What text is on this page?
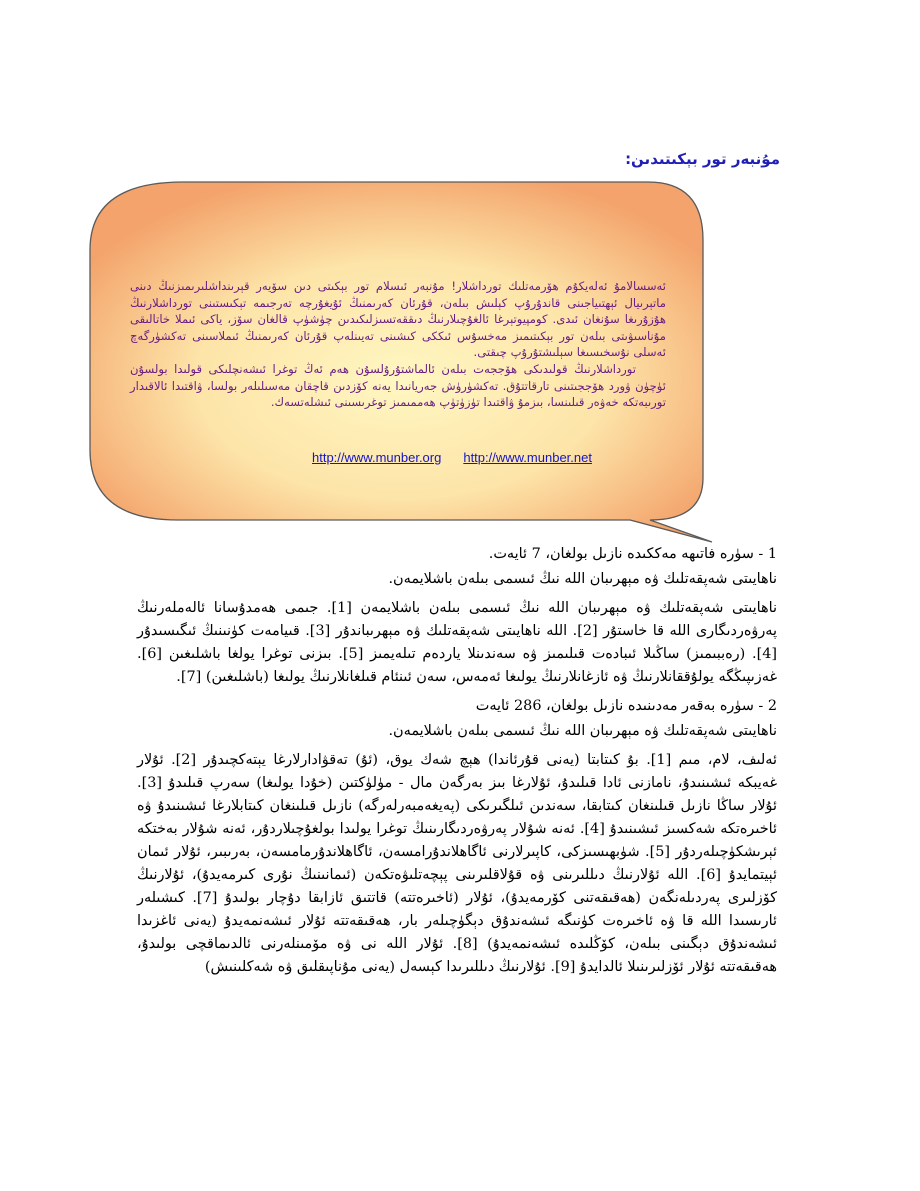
مۇنبەر تور بېكىتىدىن:

ئەسسالامۇ ئەلەيكۇم ھۆرمەتلىك تورداشلار! مۇنبەر ئىسلام تور بېكىتى دىن سۆيەر قېرىنداشلىرىمىزنىڭ دىنى ماتېرىيال ئېھتىياجىنى قاندۇرۇپ كېلىش بىلەن، قۇرئان كەرىمنىڭ ئۇيغۇرچە تەرجىمە تېكىستىنى تورداشلارنىڭ ھۇزۇرىغا سۇنغان ئىدى. كومپيوتېرغا ئالغۇچىلارنىڭ دىققەتسىزلىكىدىن چۈشۈپ قالغان سۆز، ياكى ئىملا خاتالىقى مۇناسىۋىتى بىلەن تور بېكىتىمىز مەخسۇس ئىككى كىشىنى تەيىنلەپ قۇرئان كەرىمنىڭ ئىملاسىنى تەكشۈرگەچ ئەسلى نۇسخىسىغا سېلىشتۇرۇپ چىقتى.

تورداشلارنىڭ قولىدىكى ھۆججەت بىلەن ئالماشتۇرۇلسۇن ھەم ئەڭ توغرا ئىشەنچلىكى قولىدا بولسۇن ئۈچۈن ۋورد ھۆججىتىنى تارقاتتۇق. تەكشۈرۈش جەريانىدا يەنە كۆزدىن قاچقان مەسىلىلەر بولسا، ۋاقتىدا ئالاقىدار تورىبەتكە خەۋەر قىلىنسا، بىزمۇ ۋاقتىدا تۈزۈتۈپ ھەممىمىز توغرىسىنى ئىشلەتسەك.

http://www.munber.org http://www.munber.net

1 - سۈرە فاتىھە مەككىدە نازىل بولغان، 7 ئايەت.

ناھايىتى شەپقەتلىك ۋە مېھرىبان اللە نىڭ ئىسمى بىلەن باشلايمەن.

ناھايىتى شەپقەتلىك ۋە مېھرىبان اللە نىڭ ئىسمى بىلەن باشلايمەن [1]. جىمى ھەمدۇسانا ئالەملەرنىڭ پەرۋەردىگارى اللە قا خاستۇر [2]. اللە ناھايىتى شەپقەتلىك ۋە مېھرىباندۇر [3]. قىيامەت كۈنىنىڭ ئىگىسىدۇر [4]. (رەببىمىز) ساڭىلا ئىبادەت قىلىمىز ۋە سەندىنلا ياردەم تىلەيمىز [5]. بىزنى توغرا يولغا باشلىغىن [6]. غەزىپىڭگە يولۇققانلارنىڭ ۋە ئازغانلارنىڭ يولىغا ئەمەس، سەن ئىنئام قىلغانلارنىڭ يولىغا (باشلىغىن) [7].

2 - سۈرە بەقەر مەدىنىدە نازىل بولغان، 286 ئايەت

ناھايىتى شەپقەتلىك ۋە مېھرىبان اللە نىڭ ئىسمى بىلەن باشلايمەن.

ئەلىف، لام، مىم [1]. بۇ كىتابتا (يەنى قۇرئاندا) ھېچ شەك يوق، (ئۇ) تەقۋادارلارغا يېتەكچىدۇر [2]. ئۇلار غەيبكە ئىشىنىدۇ، نامازنى ئادا قىلىدۇ، ئۇلارغا بىز بەرگەن مال - مۈلۈكتىن (خۇدا يولىغا) سەرپ قىلىدۇ [3]. ئۇلار ساڭا نازىل قىلىنغان كىتابقا، سەندىن ئىلگىرىكى (پەيغەمبەرلەرگە) نازىل قىلىنغان كىتابلارغا ئىشىنىدۇ ۋە ئاخىرەتكە شەكسىز ئىشىنىدۇ [4]. ئەنە شۇلار پەرۋەردىگارىنىڭ توغرا يولىدا بولغۇچىلاردۇر، ئەنە شۇلار بەختكە ئېرىشكۈچىلەردۇر [5]. شۈبھىسىزكى، كاپىرلارنى ئاگاھلاندۇرامسەن، ئاگاھلاندۇرمامسەن، بەرىبىر، ئۇلار ئىمان ئېيتمايدۇ [6]. اللە ئۇلارنىڭ دىللىرىنى ۋە قۇلاقلىرىنى پېچەتلىۋەتكەن (ئىمانىنىڭ نۇرى كىرمەيدۇ)، ئۇلارنىڭ كۆزلىرى پەردىلەنگەن (ھەقىقەتنى كۆرمەيدۇ)، ئۇلار (ئاخىرەتتە) قاتتىق ئازابقا دۇچار بولىدۇ [7]. كىشىلەر ئارىسىدا اللە قا ۋە ئاخىرەت كۈنىگە ئىشەندۇق دېگۈچىلەر بار، ھەقىقەتتە ئۇلار ئىشەنمەيدۇ (يەنى ئاغزىدا ئىشەندۇق دېگىنى بىلەن، كۆڭلىدە ئىشەنمەيدۇ) [8]. ئۇلار اللە نى ۋە مۆمىنلەرنى ئالدىماقچى بولىدۇ، ھەقىقەتتە ئۇلار ئۆزلىرىنىلا ئالدايدۇ [9]. ئۇلارنىڭ دىللىرىدا كېسەل (يەنى مۇناپىقلىق ۋە شەكلىنىش)
